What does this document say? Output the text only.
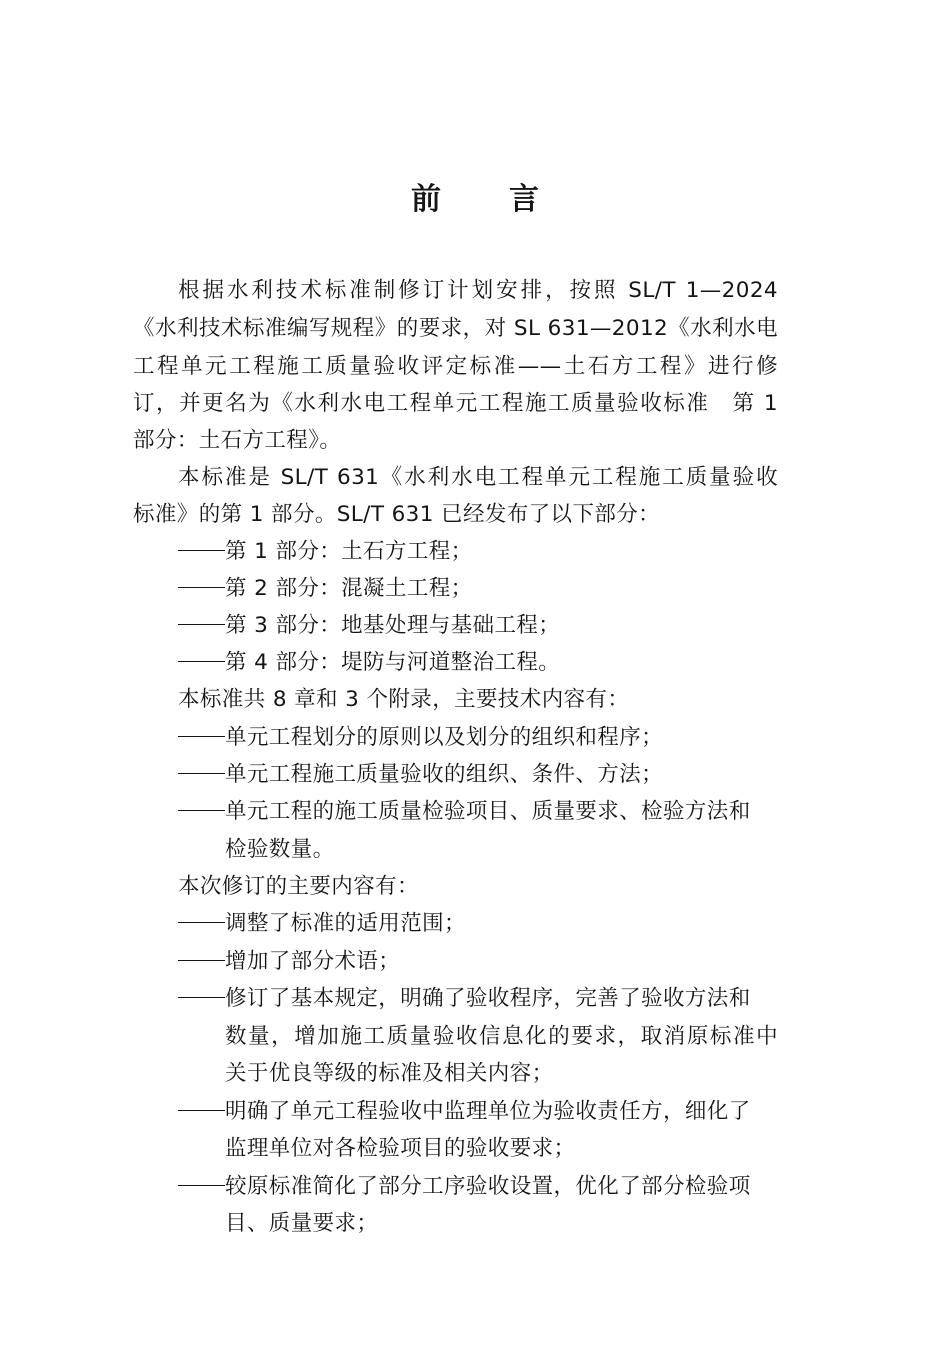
前 言
根据水利技术标准制修订计划安排，按照 SL/T 1—2024
《水利技术标准编写规程》的要求，对 SL 631—2012《水利水电
工程单元工程施工质量验收评定标准——土石方工程》进行修
订，并更名为《水利水电工程单元工程施工质量验收标准　第 1
部分：土石方工程》。
本标准是 SL/T 631《水利水电工程单元工程施工质量验收
标准》的第 1 部分。SL/T 631 已经发布了以下部分：
第 1 部分：土石方工程；
第 2 部分：混凝土工程；
第 3 部分：地基处理与基础工程；
第 4 部分：堤防与河道整治工程。
本标准共 8 章和 3 个附录，主要技术内容有：
单元工程划分的原则以及划分的组织和程序；
单元工程施工质量验收的组织、条件、方法；
单元工程的施工质量检验项目、质量要求、检验方法和
检验数量。
本次修订的主要内容有：
调整了标准的适用范围；
增加了部分术语；
修订了基本规定，明确了验收程序，完善了验收方法和
数量，增加施工质量验收信息化的要求，取消原标准中
关于优良等级的标准及相关内容；
明确了单元工程验收中监理单位为验收责任方，细化了
监理单位对各检验项目的验收要求；
较原标准简化了部分工序验收设置，优化了部分检验项
目、质量要求；
